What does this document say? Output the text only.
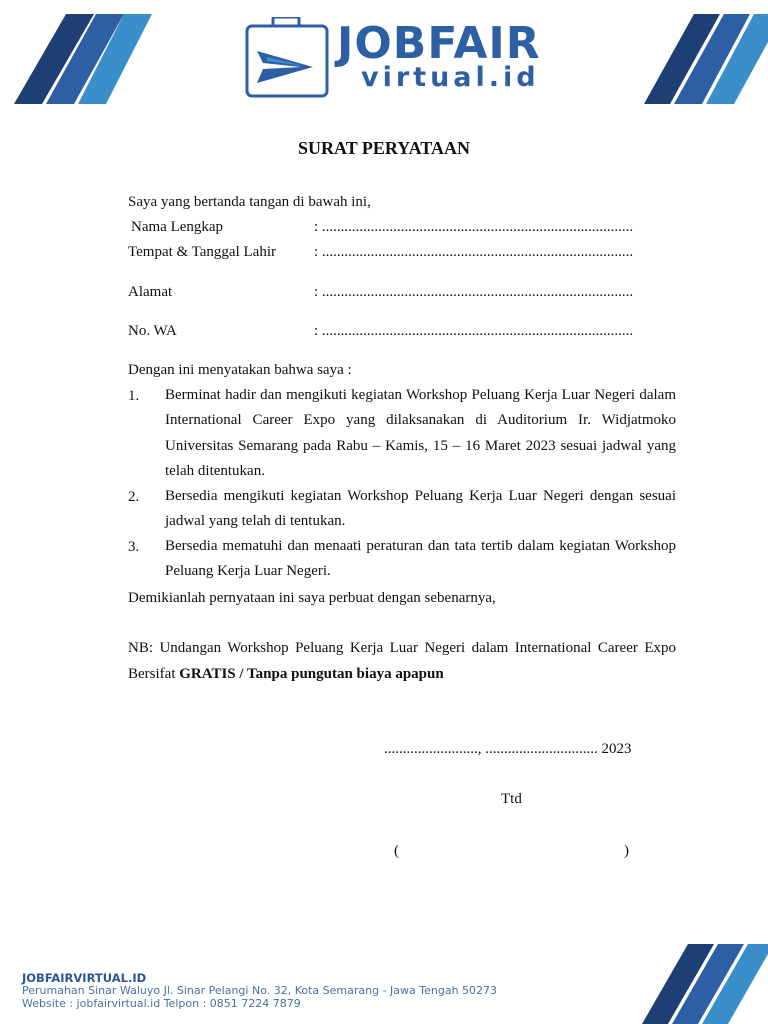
JOBFAIR
virtual.id
SURAT PERYATAAN
Saya yang bertanda tangan di bawah ini,
Nama Lengkap	: ...................................................................................
Tempat & Tanggal Lahir	: ...................................................................................
Alamat	: ...................................................................................
No. WA	: ...................................................................................
Dengan ini menyatakan bahwa saya :
1. Berminat hadir dan mengikuti kegiatan Workshop Peluang Kerja Luar Negeri dalam International Career Expo yang dilaksanakan di Auditorium Ir. Widjatmoko Universitas Semarang pada Rabu – Kamis, 15 – 16 Maret 2023 sesuai jadwal yang telah ditentukan.
2. Bersedia mengikuti kegiatan Workshop Peluang Kerja Luar Negeri dengan sesuai jadwal yang telah di tentukan.
3. Bersedia mematuhi dan menaati peraturan dan tata tertib dalam kegiatan Workshop Peluang Kerja Luar Negeri.
Demikianlah pernyataan ini saya perbuat dengan sebenarnya,
NB: Undangan Workshop Peluang Kerja Luar Negeri dalam International Career Expo Bersifat GRATIS / Tanpa pungutan biaya apapun
........................., .............................. 2023
Ttd
(	)
JOBFAIRVIRTUAL.ID
Perumahan Sinar Waluyo Jl. Sinar Pelangi No. 32, Kota Semarang - Jawa Tengah 50273
Website : jobfairvirtual.id Telpon : 0851 7224 7879
